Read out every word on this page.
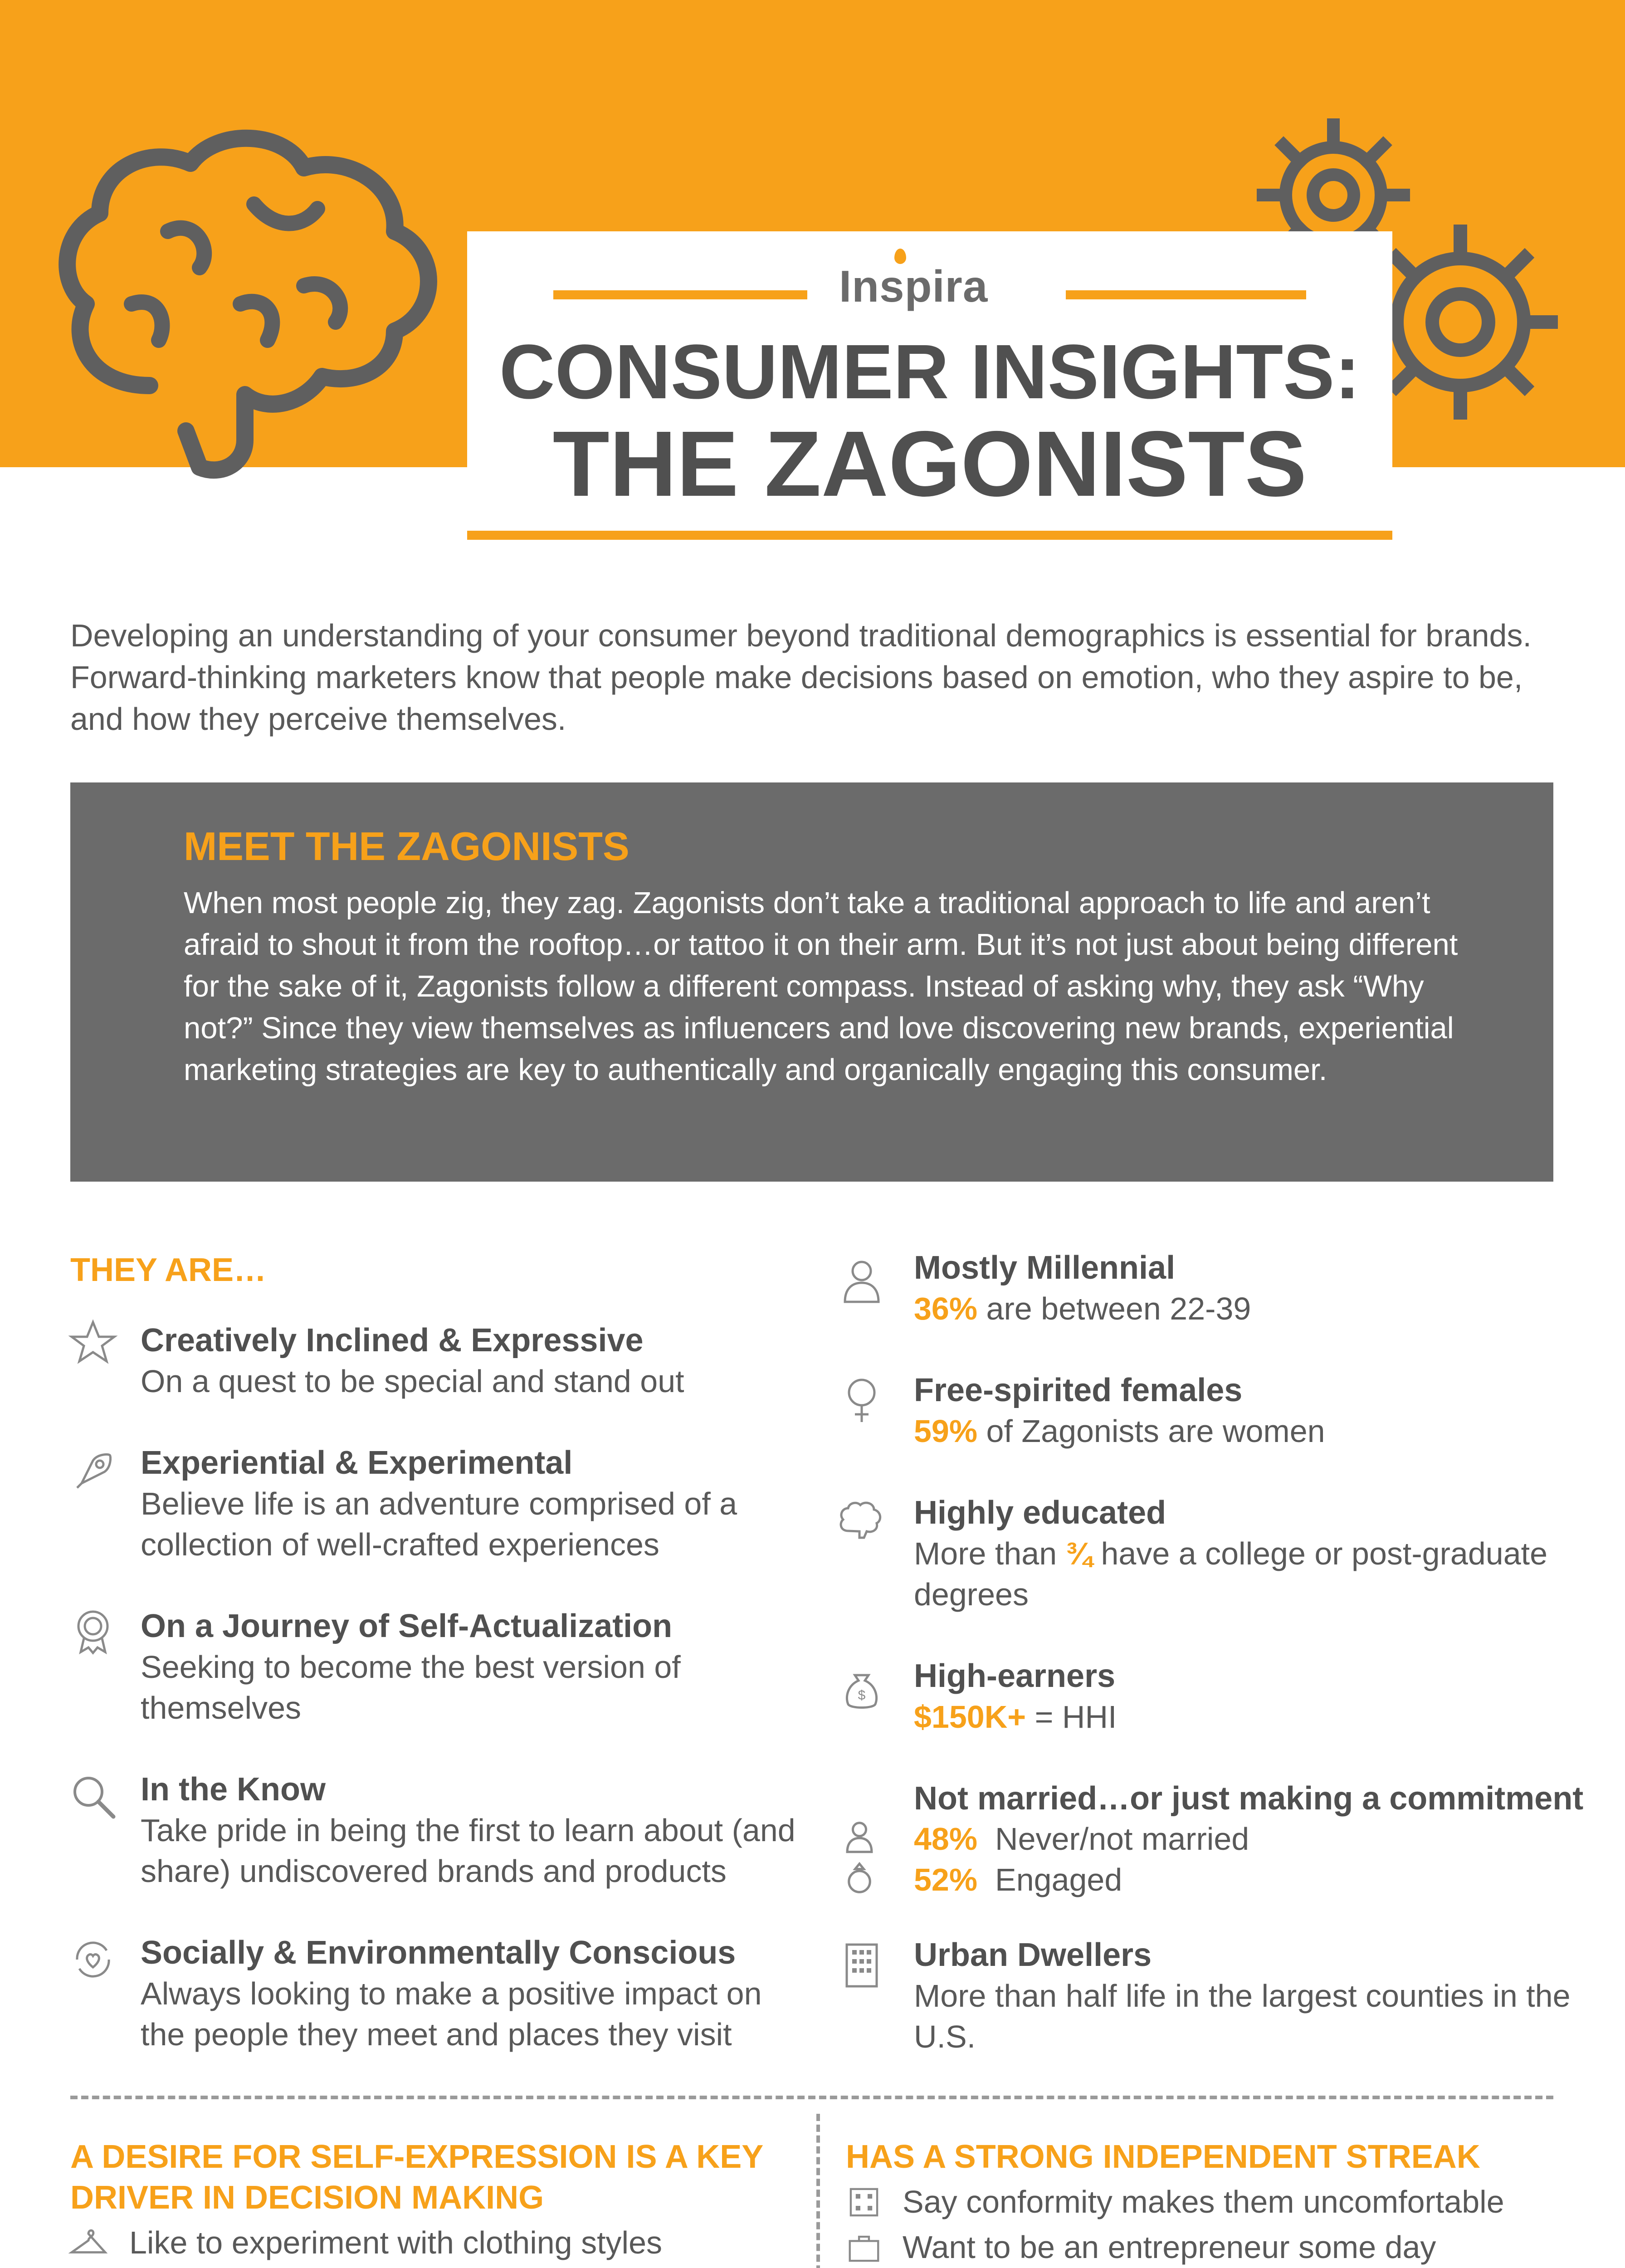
Inspira
CONSUMER INSIGHTS:
THE ZAGONISTS
Developing an understanding of your consumer beyond traditional demographics is essential for brands. Forward-thinking marketers know that people make decisions based on emotion, who they aspire to be, and how they perceive themselves.
MEET THE ZAGONISTS
When most people zig, they zag. Zagonists don’t take a traditional approach to life and aren’t afraid to shout it from the rooftop…or tattoo it on their arm. But it’s not just about being different for the sake of it, Zagonists follow a different compass. Instead of asking why, they ask “Why not?” Since they view themselves as influencers and love discovering new brands, experiential marketing strategies are key to authentically and organically engaging this consumer.
THEY ARE…
Creatively Inclined & Expressive
On a quest to be special and stand out
Experiential & Experimental
Believe life is an adventure comprised of a collection of well-crafted experiences
On a Journey of Self-Actualization
Seeking to become the best version of themselves
In the Know
Take pride in being the first to learn about (and share) undiscovered brands and products
Socially & Environmentally Conscious
Always looking to make a positive impact on the people they meet and places they visit
Mostly Millennial
36% are between 22-39
Free-spirited females
59% of Zagonists are women
Highly educated
More than ¾ have a college or post-graduate degrees
$
High-earners
$150K+ = HHI
Not married…or just making a commitment
48% Never/not married
52% Engaged
Urban Dwellers
More than half life in the largest counties in the U.S.
A DESIRE FOR SELF-EXPRESSION IS A KEY DRIVER IN DECISION MAKING
Like to experiment with clothing styles
HAS A STRONG INDEPENDENT STREAK
Say conformity makes them uncomfortable
Want to be an entrepreneur some day
